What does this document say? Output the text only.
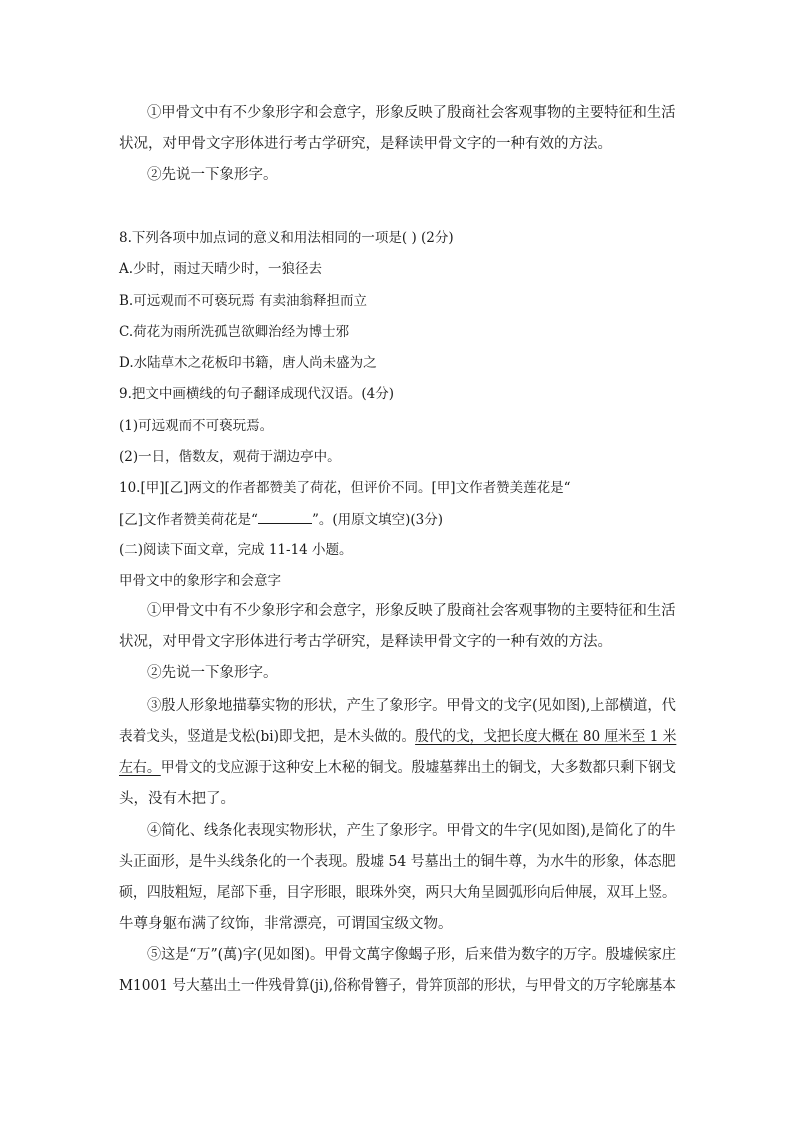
①甲骨文中有不少象形字和会意字，形象反映了殷商社会客观事物的主要特征和生活
状况，对甲骨文字形体进行考古学研究，是释读甲骨文字的一种有效的方法。
②先说一下象形字。
8.下列各项中加点词的意义和用法相同的一项是( ) (2分)
A.少时，雨过天晴少时，一狼径去
B.可远观而不可亵玩焉 有卖油翁释担而立
C.荷花为雨所洗孤岂欲卿治经为博士邪
D.水陆草木之花板印书籍，唐人尚未盛为之
9.把文中画横线的句子翻译成现代汉语。(4分)
(1)可远观而不可亵玩焉。
(2)一日，偕数友，观荷于湖边亭中。
10.[甲][乙]两文的作者都赞美了荷花，但评价不同。[甲]文作者赞美莲花是“
[乙]文作者赞美荷花是“	”。(用原文填空)(3分)
(二)阅读下面文章，完成 11-14 小题。
甲骨文中的象形字和会意字
①甲骨文中有不少象形字和会意字，形象反映了殷商社会客观事物的主要特征和生活
状况，对甲骨文字形体进行考古学研究，是释读甲骨文字的一种有效的方法。
②先说一下象形字。
③殷人形象地描摹实物的形状，产生了象形字。甲骨文的戈字(见如图),上部横道，代
表着戈头，竖道是戈松(bi)即戈把，是木头做的。殷代的戈，戈把长度大概在 80 厘米至 1 米
左右。甲骨文的戈应源于这种安上木秘的铜戈。殷墟墓葬出土的铜戈，大多数都只剩下钢戈
头，没有木把了。
④简化、线条化表现实物形状，产生了象形字。甲骨文的牛字(见如图),是简化了的牛
头正面形，是牛头线条化的一个表现。殷墟 54 号墓出土的铜牛尊，为水牛的形象，体态肥
硕，四肢粗短，尾部下垂，目字形眼，眼珠外突，两只大角呈圆弧形向后伸展，双耳上竖。
牛尊身躯布满了纹饰，非常漂亮，可谓国宝级文物。
⑤这是“万”(萬)字(见如图)。甲骨文萬字像蝎子形，后来借为数字的万字。殷墟候家庄
M1001 号大墓出土一件残骨算(ji),俗称骨簪子，骨笄顶部的形状，与甲骨文的万字轮廓基本
